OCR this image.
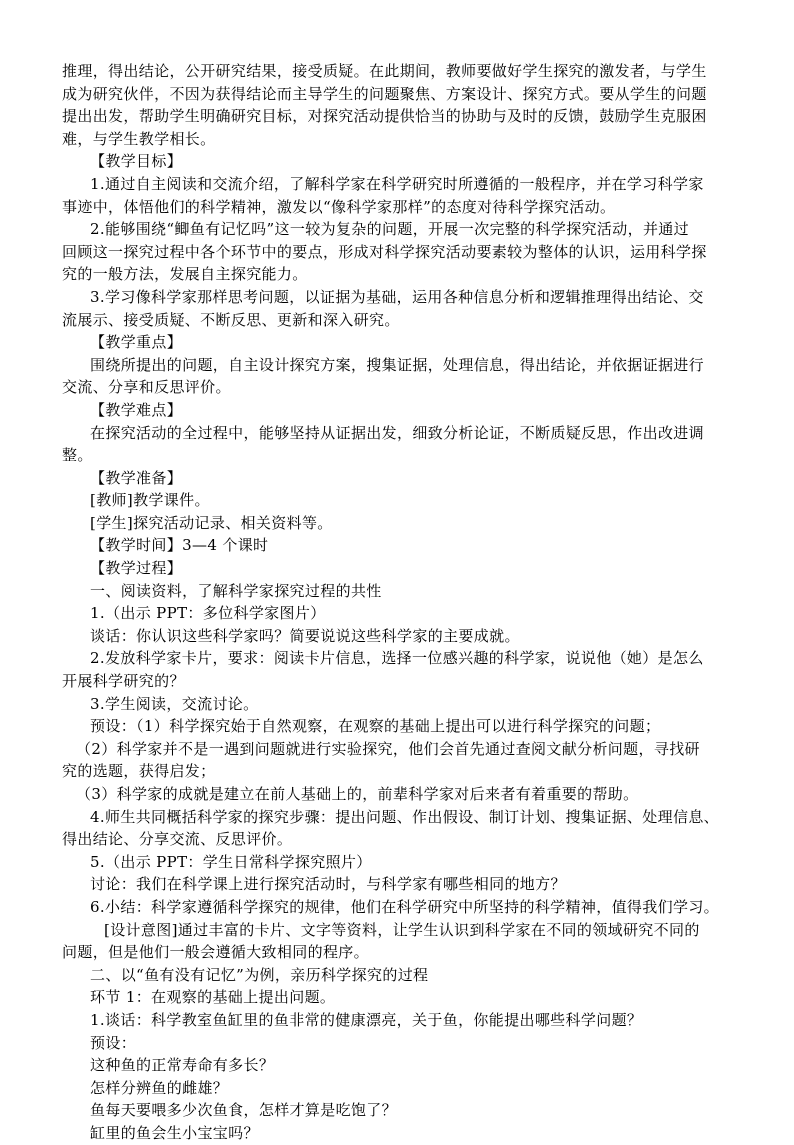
推理，得出结论，公开研究结果，接受质疑。在此期间，教师要做好学生探究的激发者，与学生
成为研究伙伴，不因为获得结论而主导学生的问题聚焦、方案设计、探究方式。要从学生的问题
提出出发，帮助学生明确研究目标，对探究活动提供恰当的协助与及时的反馈，鼓励学生克服困
难，与学生教学相长。
【教学目标】
1.通过自主阅读和交流介绍，了解科学家在科学研究时所遵循的一般程序，并在学习科学家
事迹中，体悟他们的科学精神，激发以“像科学家那样”的态度对待科学探究活动。
2.能够围绕“鲫鱼有记忆吗”这一较为复杂的问题，开展一次完整的科学探究活动，并通过
回顾这一探究过程中各个环节中的要点，形成对科学探究活动要素较为整体的认识，运用科学探
究的一般方法，发展自主探究能力。
3.学习像科学家那样思考问题，以证据为基础，运用各种信息分析和逻辑推理得出结论、交
流展示、接受质疑、不断反思、更新和深入研究。
【教学重点】
围绕所提出的问题，自主设计探究方案，搜集证据，处理信息，得出结论，并依据证据进行
交流、分享和反思评价。
【教学难点】
在探究活动的全过程中，能够坚持从证据出发，细致分析论证，不断质疑反思，作出改进调
整。
【教学准备】
[教师]教学课件。
[学生]探究活动记录、相关资料等。
【教学时间】3—4 个课时
【教学过程】
一、阅读资料，了解科学家探究过程的共性
1.（出示 PPT：多位科学家图片）
谈话：你认识这些科学家吗？简要说说这些科学家的主要成就。
2.发放科学家卡片，要求：阅读卡片信息，选择一位感兴趣的科学家，说说他（她）是怎么
开展科学研究的？
3.学生阅读，交流讨论。
预设：（1）科学探究始于自然观察，在观察的基础上提出可以进行科学探究的问题；
（2）科学家并不是一遇到问题就进行实验探究，他们会首先通过查阅文献分析问题，寻找研
究的选题，获得启发；
（3）科学家的成就是建立在前人基础上的，前辈科学家对后来者有着重要的帮助。
4.师生共同概括科学家的探究步骤：提出问题、作出假设、制订计划、搜集证据、处理信息、
得出结论、分享交流、反思评价。
5.（出示 PPT：学生日常科学探究照片）
讨论：我们在科学课上进行探究活动时，与科学家有哪些相同的地方？
6.小结：科学家遵循科学探究的规律，他们在科学研究中所坚持的科学精神，值得我们学习。
[设计意图]通过丰富的卡片、文字等资料，让学生认识到科学家在不同的领域研究不同的
问题，但是他们一般会遵循大致相同的程序。
二、以“鱼有没有记忆”为例，亲历科学探究的过程
环节 1：在观察的基础上提出问题。
1.谈话：科学教室鱼缸里的鱼非常的健康漂亮，关于鱼，你能提出哪些科学问题？
预设：
这种鱼的正常寿命有多长？
怎样分辨鱼的雌雄？
鱼每天要喂多少次鱼食，怎样才算是吃饱了？
缸里的鱼会生小宝宝吗？
